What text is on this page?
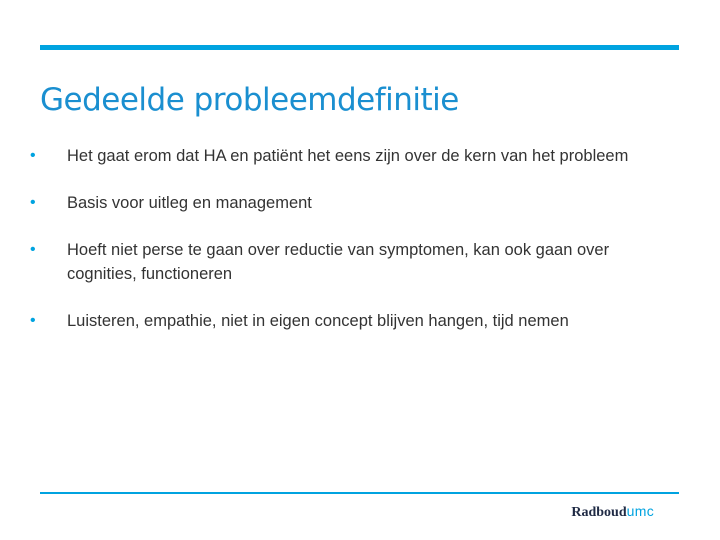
Gedeelde probleemdefinitie
•	Het gaat erom dat HA en patiënt het eens zijn over de kern van het probleem
•	Basis voor uitleg en management
•	Hoeft niet perse te gaan over reductie van symptomen, kan ook gaan over cognities, functioneren
•	Luisteren, empathie, niet in eigen concept blijven hangen, tijd nemen
Radboudumc
